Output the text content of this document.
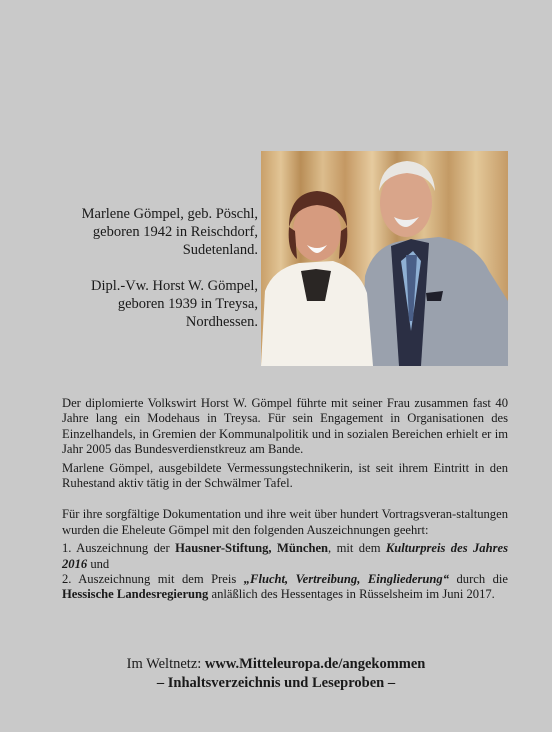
Marlene Gömpel, geb. Pöschl,

geboren 1942 in Reischdorf,

Sudetenland.

Dipl.-Vw. Horst W. Gömpel,

geboren 1939 in Treysa,

Nordhessen.

Der diplomierte Volkswirt Horst W. Gömpel führte mit seiner Frau zusammen fast 40 Jahre lang ein Modehaus in Treysa. Für sein Engagement in Organisationen des Einzelhandels, in Gremien der Kommunalpolitik und in sozialen Bereichen erhielt er im Jahr 2005 das Bundesverdienstkreuz am Bande.

Marlene Gömpel, ausgebildete Vermessungstechnikerin, ist seit ihrem Eintritt in den Ruhestand aktiv tätig in der Schwälmer Tafel.

Für ihre sorgfältige Dokumentation und ihre weit über hundert Vortragsveran-staltungen wurden die Eheleute Gömpel mit den folgenden Auszeichnungen geehrt:

1. Auszeichnung der Hausner-Stiftung, München, mit dem Kulturpreis des Jahres 2016 und

2. Auszeichnung mit dem Preis „Flucht, Vertreibung, Eingliederung“ durch die Hessische Landesregierung anläßlich des Hessentages in Rüsselsheim im Juni 2017.

Im Weltnetz: www.Mitteleuropa.de/angekommen

– Inhaltsverzeichnis und Leseproben –
